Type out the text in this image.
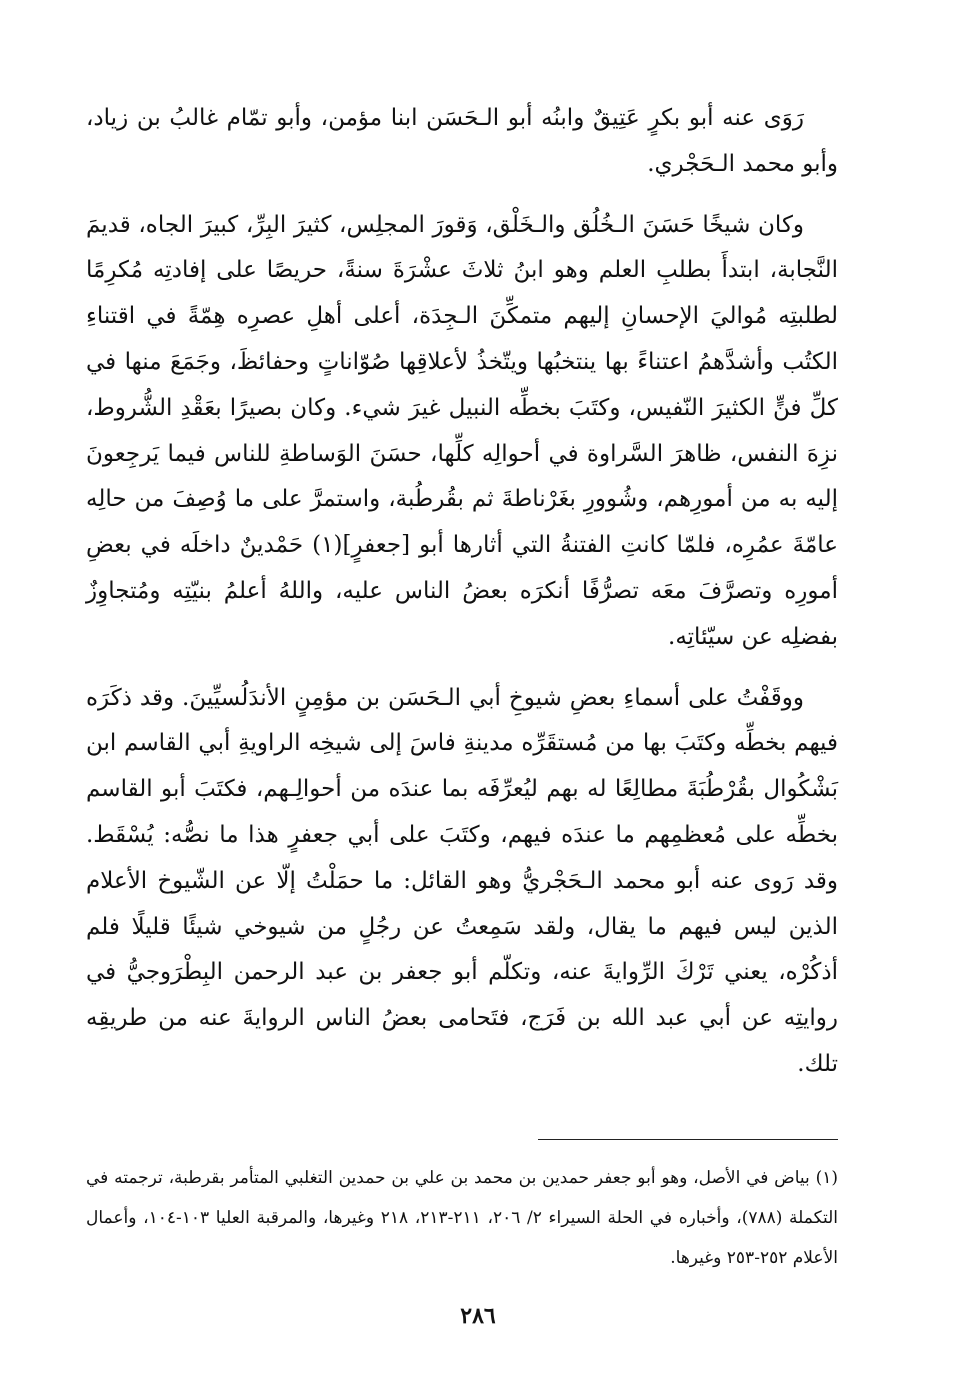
رَوَى عنه أبو بكرٍ عَتِيقٌ وابنُه أبو الـحَسَن ابنا مؤمن، وأبو تمّام غالبُ بن زياد، وأبو محمد الـحَجْري.

وكان شيخًا حَسَنَ الـخُلُق والـخَلْق، وَقورَ المجلِس، كثيرَ البِرِّ، كبيرَ الجاه، قديمَ النَّجابة، ابتدأَ بطلبِ العلم وهو ابنُ ثلاثَ عشْرَةَ سنةً، حريصًا على إفادتِه مُكرِمًا لطلبتِه مُواليَ الإحسانِ إليهم متمكِّنَ الـجِدَة، أعلى أهلِ عصرِه هِمّةً في اقتناءِ الكتُب وأشدَّهمُ اعتناءً بها ينتخبُها ويتّخذُ لأعلاقِها صُوّاناتٍ وحفائظَ، وجَمَعَ منها في كلِّ فنٍّ الكثيرَ النّفيس، وكتَبَ بخطِّه النبيل غيرَ شيء. وكان بصيرًا بعَقْدِ الشُّروط، نزِهَ النفس، ظاهرَ السَّراوة في أحوالِه كلِّها، حسَنَ الوَساطةِ للناس فيما يَرجِعونَ إليه به من أمورِهم، وشُوورِ بغَرْناطةَ ثم بقُرطُبة، واستمرَّ على ما وُصِفَ من حالِه عامّةَ عمُرِه، فلمّا كانتِ الفتنةُ التي أثارها أبو [جعفرٍ](١) حَمْدينٌ داخلَه في بعضِ أمورِه وتصرَّفَ معَه تصرُّفًا أنكرَه بعضُ الناس عليه، واللهُ أعلمُ بنيّتِه ومُتجاوِزٌ بفضلِه عن سيّئاتِه.

ووقَفْتُ على أسماءِ بعضِ شيوخِ أبي الـحَسَن بن مؤمِنٍ الأندَلُسيِّينَ. وقد ذكَرَه فيهم بخطِّه وكتَبَ بها من مُستقَرِّه مدينةِ فاسَ إلى شيخِه الراويةِ أبي القاسم ابن بَشْكُوال بقُرْطُبَةَ مطالِعًا له بهم ليُعرِّفَه بما عندَه من أحوالِـهم، فكتَبَ أبو القاسم بخطِّه على مُعظمِهم ما عندَه فيهم، وكتَبَ على أبي جعفرٍ هذا ما نصُّه: يُسْقَط. وقد رَوى عنه أبو محمد الـحَجْريُّ وهو القائل: ما حمَلْتُ إلّا عن الشّيوخ الأعلام الذين ليس فيهم ما يقال، ولقد سَمِعتُ عن رجُلٍ من شيوخي شيئًا قليلًا فلم أذكُرْه، يعني تَرْكَ الرِّوايةَ عنه، وتكلّم أبو جعفر بن عبد الرحمن البِطْرَوجيُّ في روايتِه عن أبي عبد الله بن فَرَج، فتَحامى بعضُ الناس الروايةَ عنه من طريقِه تلك.

(١) بياض في الأصل، وهو أبو جعفر حمدين بن محمد بن علي بن حمدين التغلبي المتأمر بقرطبة، ترجمته في التكملة (٧٨٨)، وأخباره في الحلة السيراء ٢/ ٢٠٦، ٢١١-٢١٣، ٢١٨ وغيرها، والمرقبة العليا ١٠٣-١٠٤، وأعمال الأعلام ٢٥٢-٢٥٣ وغيرها.

٢٨٦
